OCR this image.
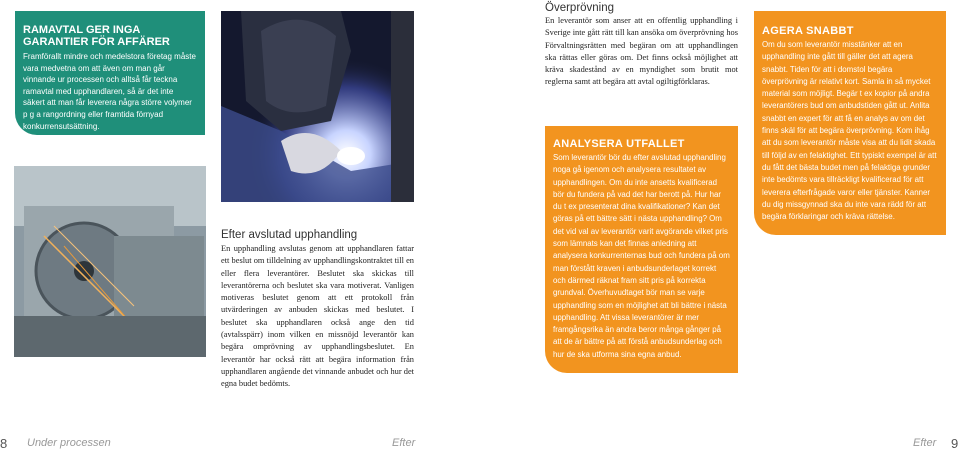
RAMAVTAL GER INGA GARANTIER FÖR AFFÄRER

Framförallt mindre och medelstora företag måste vara medvetna om att även om man går vinnande ur processen och alltså får teckna ramavtal med upphandlaren, så är det inte säkert att man får leverera några större volymer p g a rangordning eller framtida förnyad konkurrensutsättning.

Efter avslutad upphandling

En upphandling avslutas genom att upphandlaren fattar ett beslut om tilldelning av upphandlingskontraktet till en eller flera leverantörer. Beslutet ska skickas till leverantörerna och beslutet ska vara motiverat. Vanligen motiveras beslutet genom att ett protokoll från utvärderingen av anbuden skickas med beslutet. I beslutet ska upphandlaren också ange den tid (avtalsspärr) inom vilken en missnöjd leverantör kan begära omprövning av upphandlingsbeslutet. En leverantör har också rätt att begära information från upphandlaren angående det vinnande anbudet och hur det egna budet bedömts.

Överprövning

En leverantör som anser att en offentlig upphandling i Sverige inte gått rätt till kan ansöka om överprövning hos Förvaltningsrätten med begäran om att upphandlingen ska rättas eller göras om. Det finns också möjlighet att kräva skadestånd av en myndighet som brutit mot reglerna samt att begära att avtal ogiltigförklaras.

ANALYSERA UTFALLET

Som leverantör bör du efter avslutad upphandling noga gå igenom och analysera resultatet av upphandlingen. Om du inte ansetts kvalificerad bör du fundera på vad det har berott på. Hur har du t ex presenterat dina kvalifikationer? Kan det göras på ett bättre sätt i nästa upphandling? Om det vid val av leverantör varit avgörande vilket pris som lämnats kan det finnas anledning att analysera konkurrenternas bud och fundera på om man förstått kraven i anbudsunderlaget korrekt och därmed räknat fram sitt pris på korrekta grundval. Överhuvudtaget bör man se varje upphandling som en möjlighet att bli bättre i nästa upphandling. Att vissa leverantörer är mer framgångsrika än andra beror många gånger på att de är bättre på att förstå anbudsunderlag och hur de ska utforma sina egna anbud.

AGERA SNABBT

Om du som leverantör misstänker att en upphandling inte gått till gäller det att agera snabbt. Tiden för att i domstol begära överprövning är relativt kort. Samla in så mycket material som möjligt. Begär t ex kopior på andra leverantörers bud om anbudstiden gått ut. Anlita snabbt en expert för att få en analys av om det finns skäl för att begära överprövning. Kom ihåg att du som leverantör måste visa att du lidit skada till följd av en felaktighet. Ett typiskt exempel är att du fått det bästa budet men på felaktiga grunder inte bedömts vara tillräckligt kvalificerad för att leverera efterfrågade varor eller tjänster. Kanner du dig missgynnad ska du inte vara rädd för att begära förklaringar och kräva rättelse.

8 Under processen	Efter	Efter 9
